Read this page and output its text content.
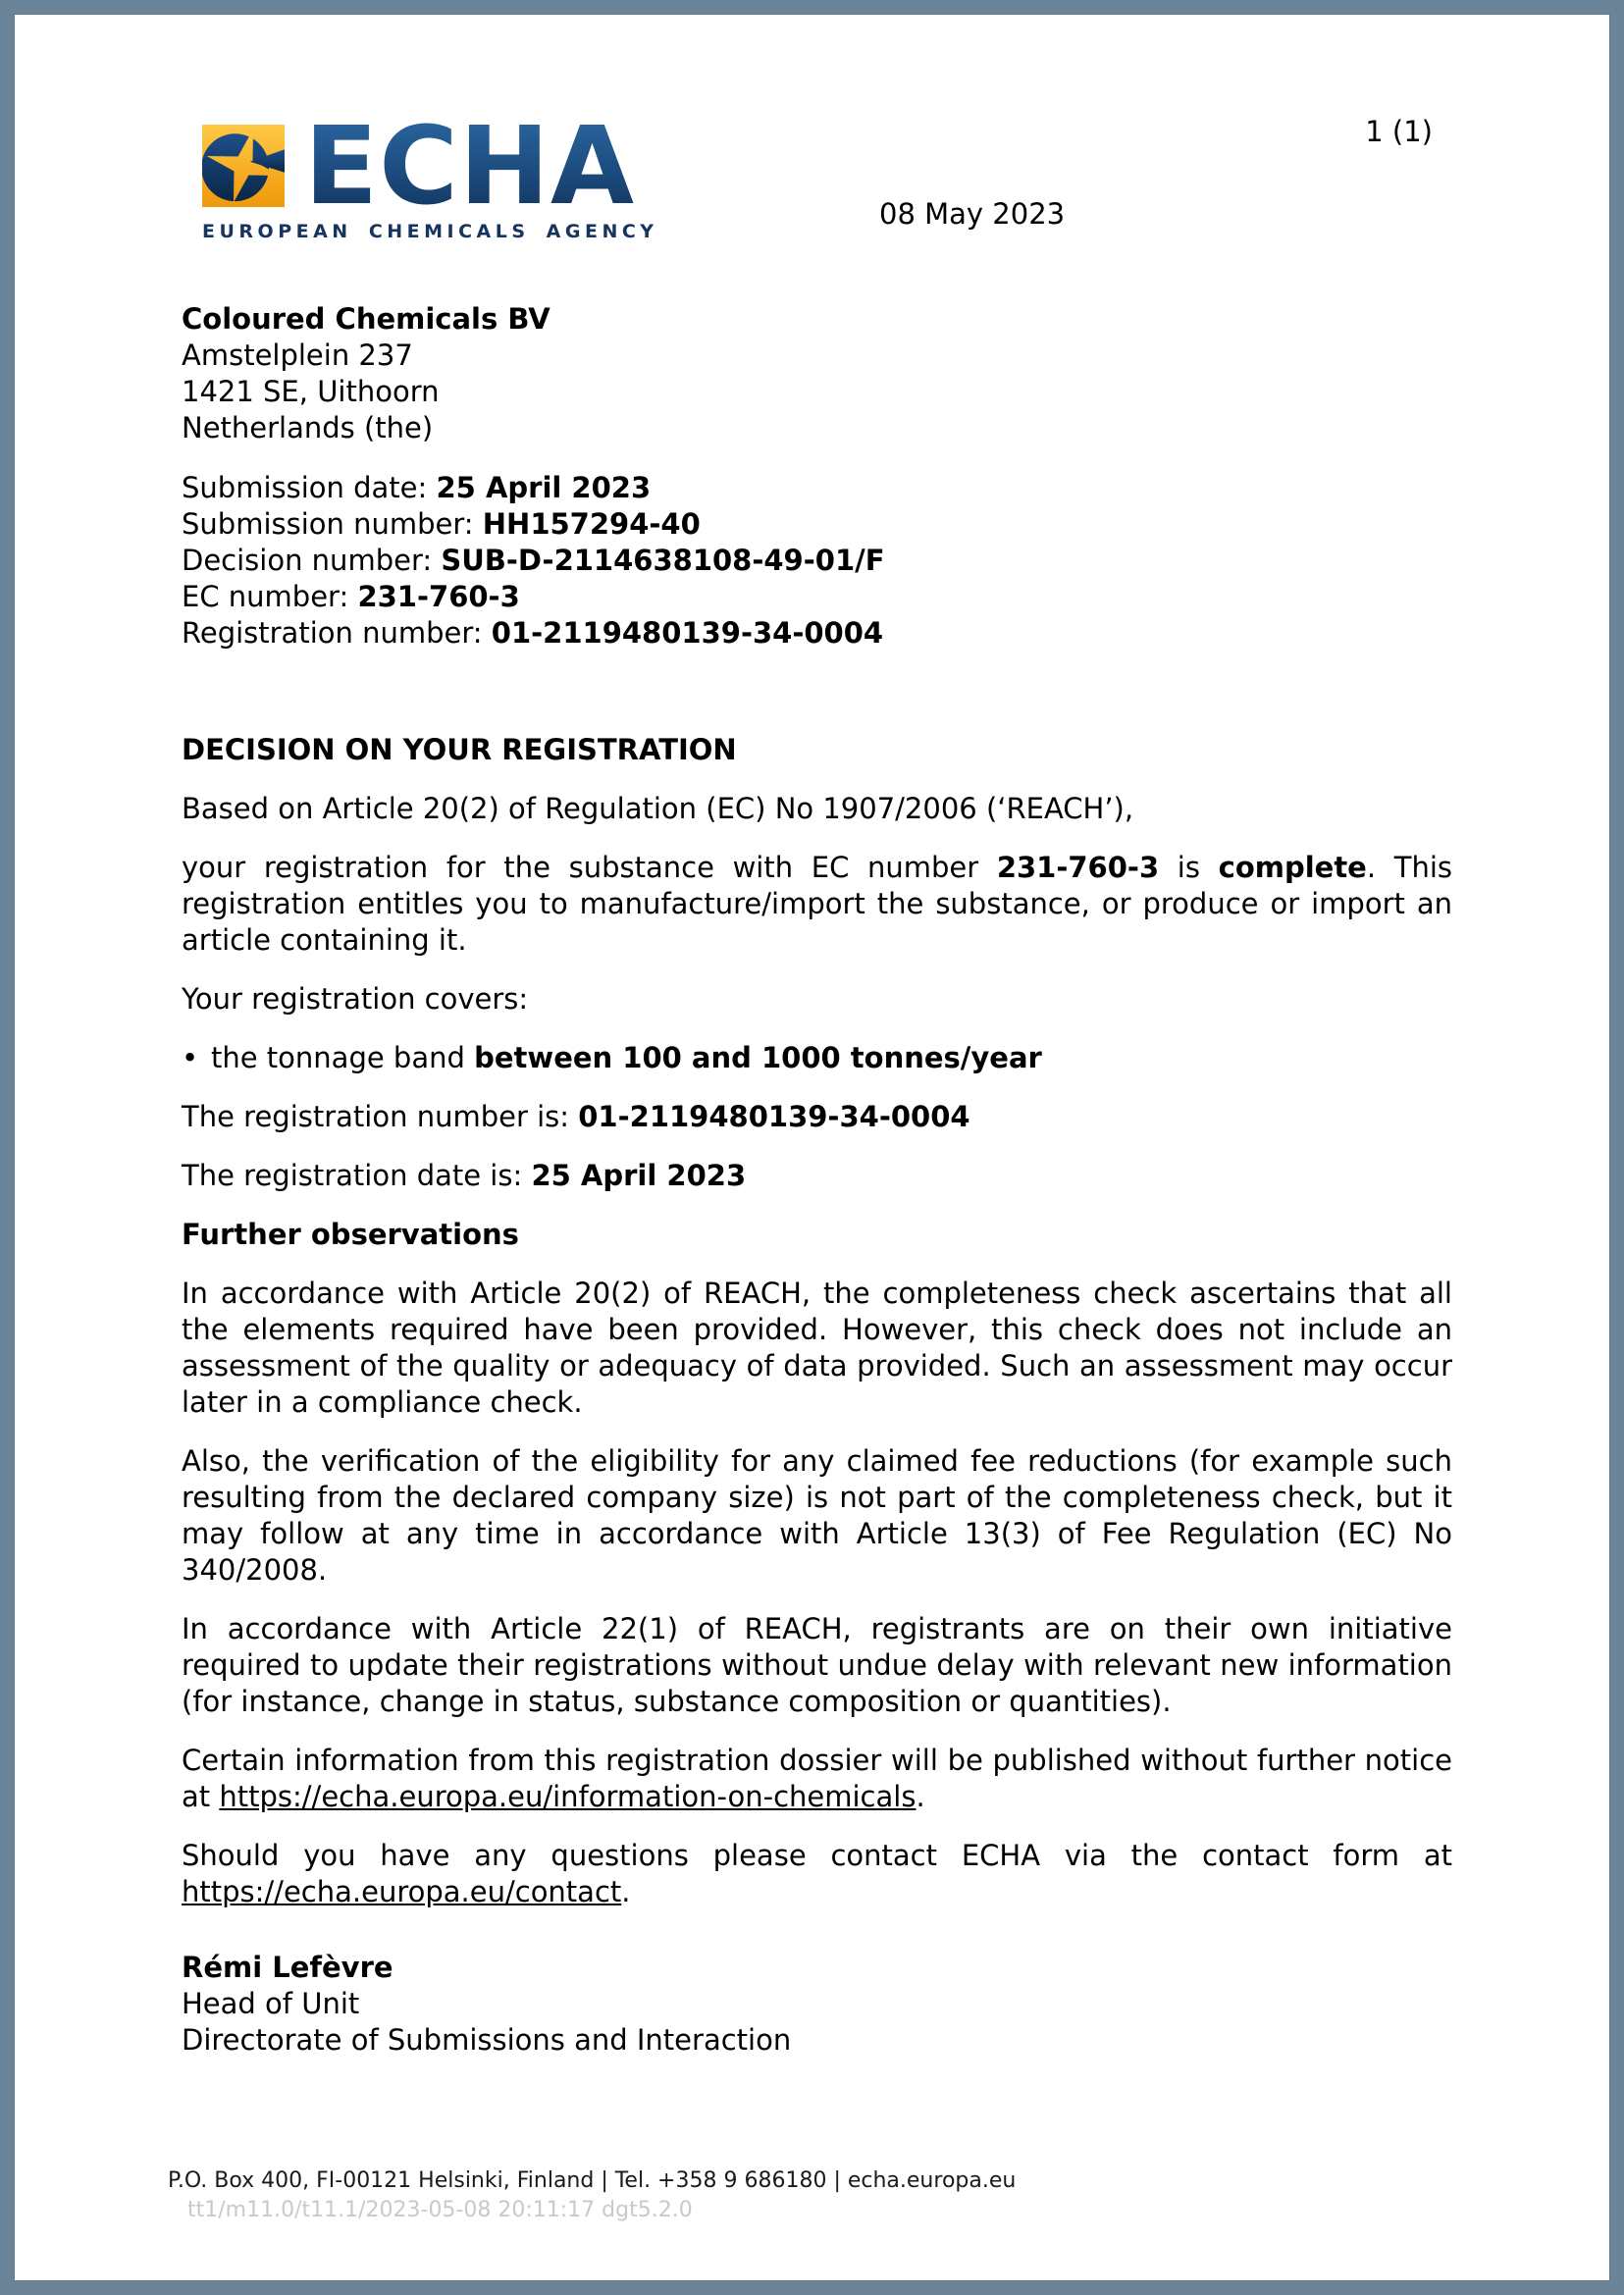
ECHA
EUROPEAN CHEMICALS AGENCY
1 (1)
08 May 2023
Coloured Chemicals BV
Amstelplein 237
1421 SE, Uithoorn
Netherlands (the)
Submission date: 25 April 2023
Submission number: HH157294-40
Decision number: SUB-D-2114638108-49-01/F
EC number: 231-760-3
Registration number: 01-2119480139-34-0004
DECISION ON YOUR REGISTRATION

Based on Article 20(2) of Regulation (EC) No 1907/2006 (‘REACH’),

your registration for the substance with EC number 231-760-3 is complete. This registration entitles you to manufacture/import the substance, or produce or import an article containing it.

Your registration covers:

• the tonnage band between 100 and 1000 tonnes/year

The registration number is: 01-2119480139-34-0004

The registration date is: 25 April 2023

Further observations

In accordance with Article 20(2) of REACH, the completeness check ascertains that all the elements required have been provided. However, this check does not include an assessment of the quality or adequacy of data provided. Such an assessment may occur later in a compliance check.

Also, the verification of the eligibility for any claimed fee reductions (for example such resulting from the declared company size) is not part of the completeness check, but it may follow at any time in accordance with Article 13(3) of Fee Regulation (EC) No 340/2008.

In accordance with Article 22(1) of REACH, registrants are on their own initiative required to update their registrations without undue delay with relevant new information (for instance, change in status, substance composition or quantities).

Certain information from this registration dossier will be published without further notice at https://echa.europa.eu/information-on-chemicals.

Should you have any questions please contact ECHA via the contact form at https://echa.europa.eu/contact.

Rémi Lefèvre
Head of Unit
Directorate of Submissions and Interaction
P.O. Box 400, FI-00121 Helsinki, Finland | Tel. +358 9 686180 | echa.europa.eu
tt1/m11.0/t11.1/2023-05-08 20:11:17 dgt5.2.0
